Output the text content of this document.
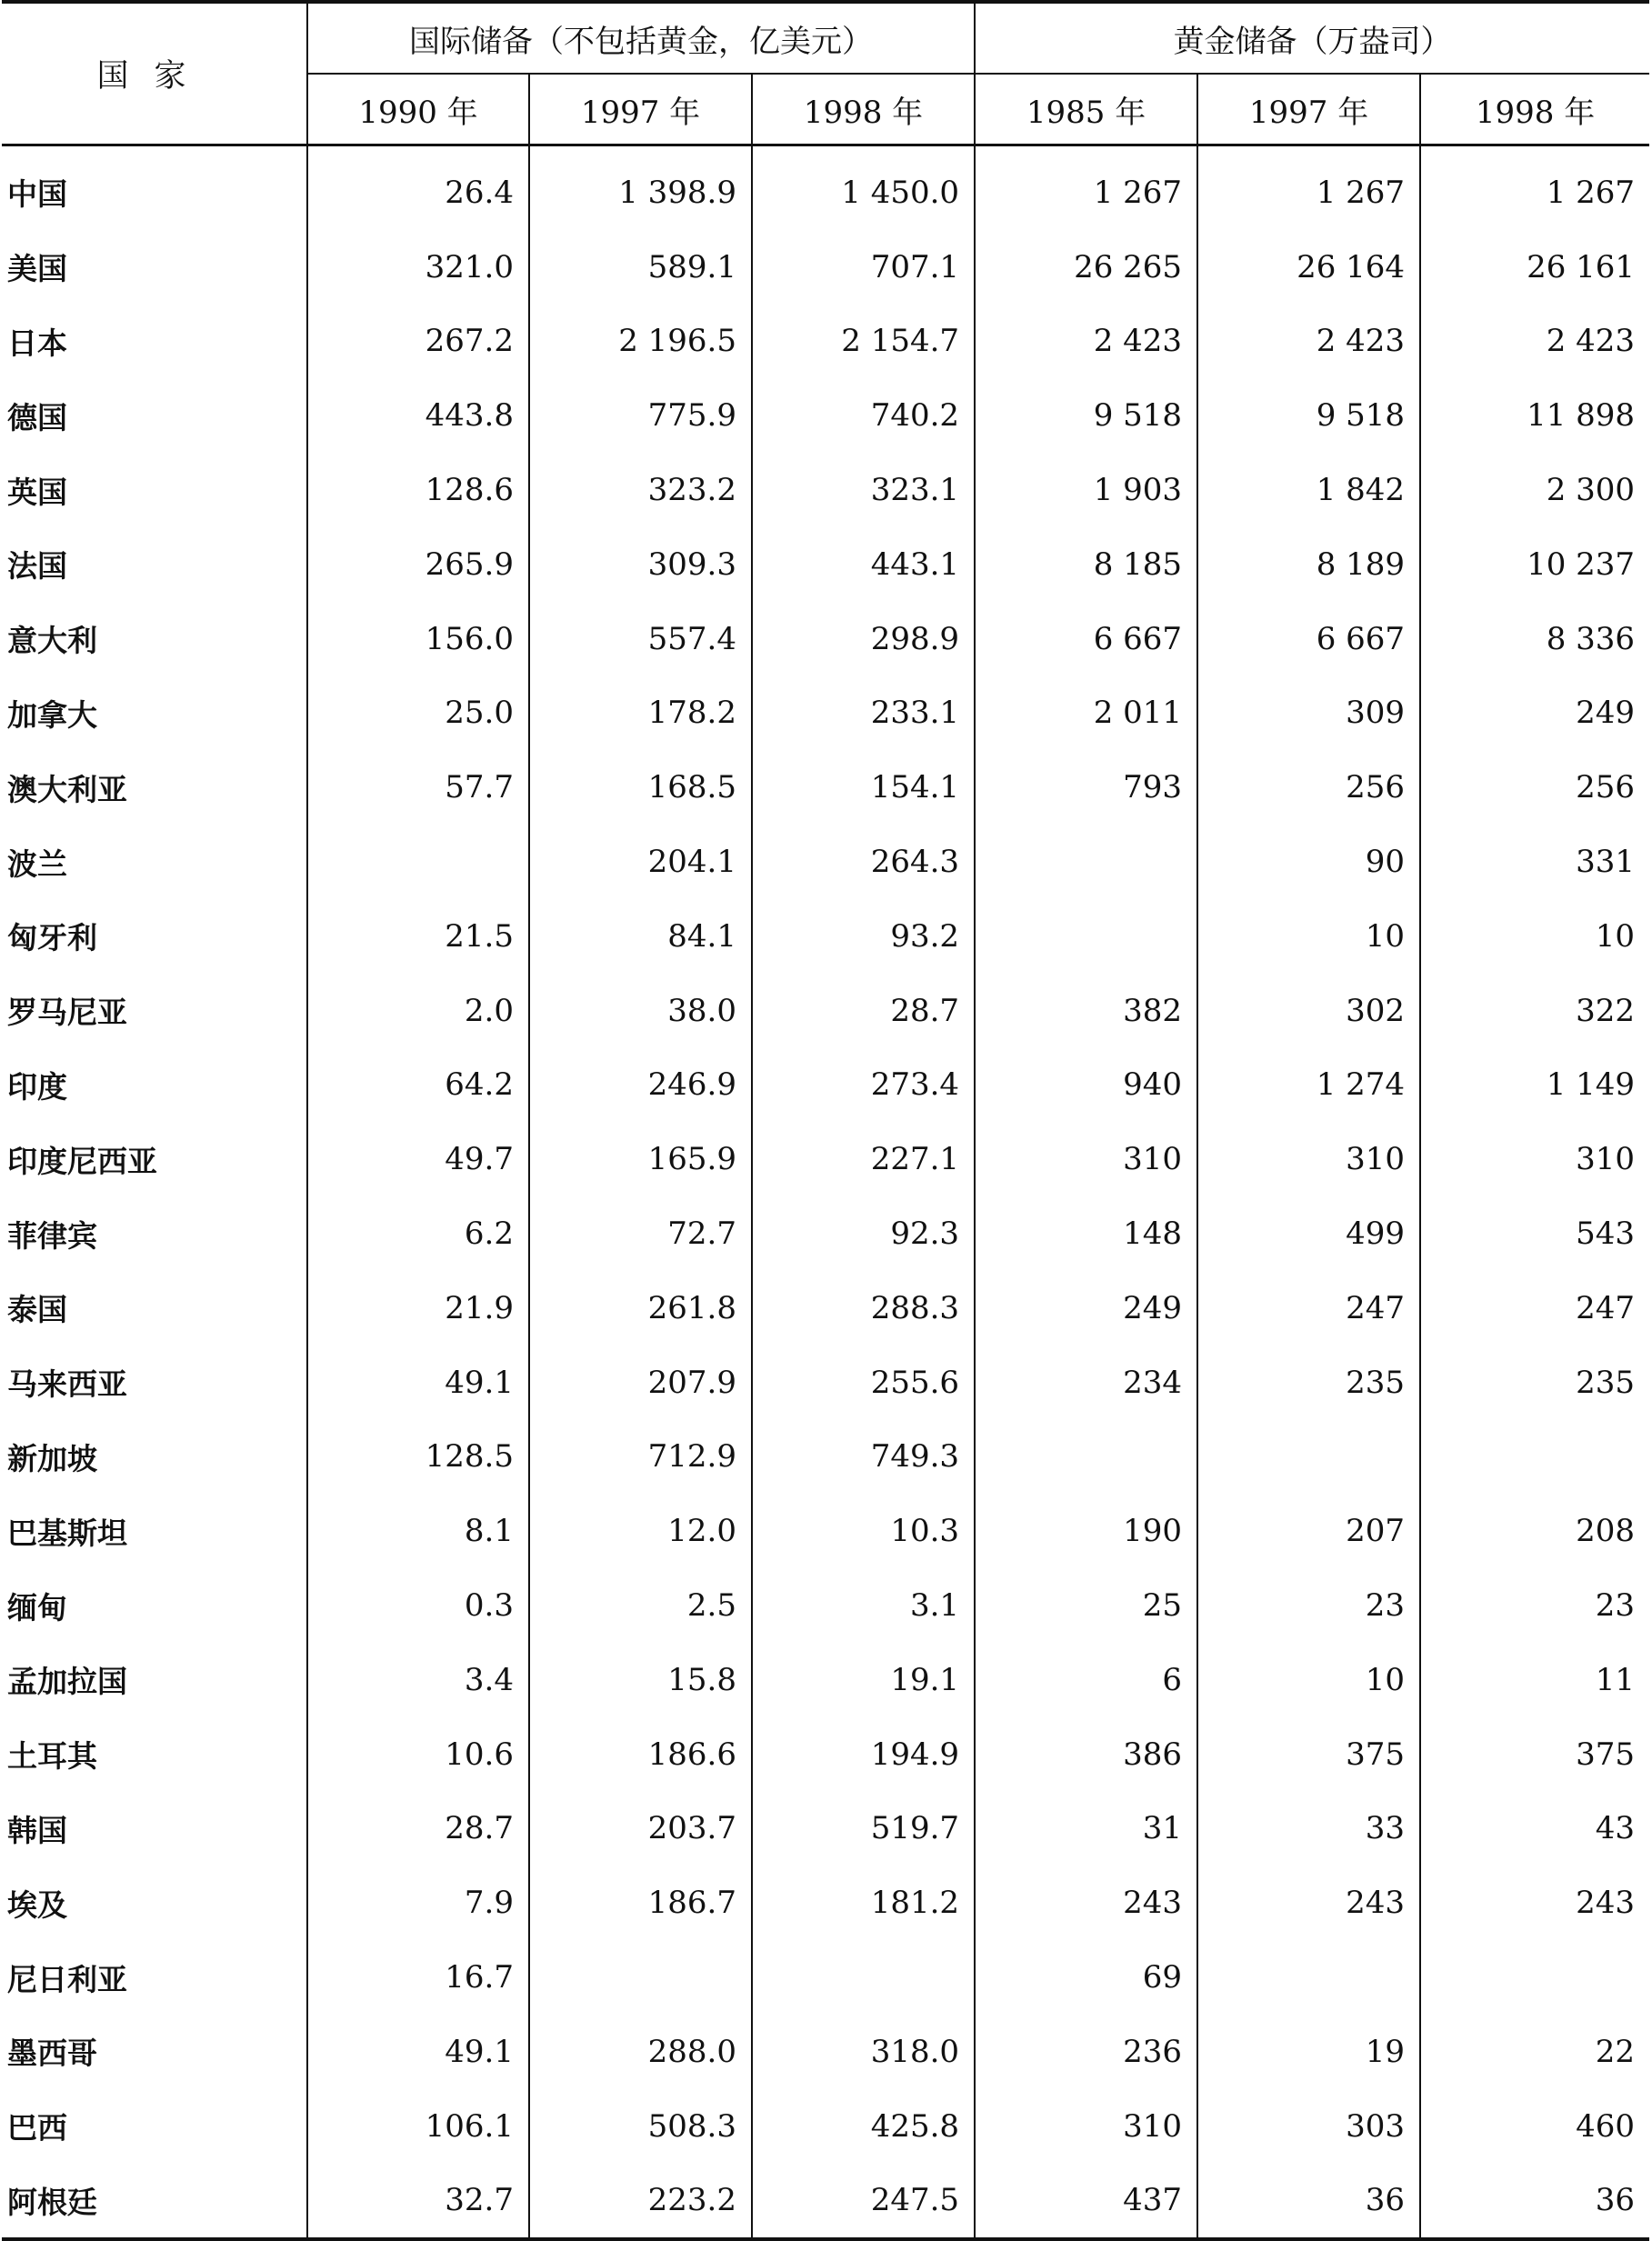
国家	国际储备（不包括黄金，亿美元）			黄金储备（万盎司）		
	1990 年	1997 年	1998 年	1985 年	1997 年	1998 年
中国	26.4	1 398.9	1 450.0	1 267	1 267	1 267
美国	321.0	589.1	707.1	26 265	26 164	26 161
日本	267.2	2 196.5	2 154.7	2 423	2 423	2 423
德国	443.8	775.9	740.2	9 518	9 518	11 898
英国	128.6	323.2	323.1	1 903	1 842	2 300
法国	265.9	309.3	443.1	8 185	8 189	10 237
意大利	156.0	557.4	298.9	6 667	6 667	8 336
加拿大	25.0	178.2	233.1	2 011	309	249
澳大利亚	57.7	168.5	154.1	793	256	256
波兰		204.1	264.3		90	331
匈牙利	21.5	84.1	93.2		10	10
罗马尼亚	2.0	38.0	28.7	382	302	322
印度	64.2	246.9	273.4	940	1 274	1 149
印度尼西亚	49.7	165.9	227.1	310	310	310
菲律宾	6.2	72.7	92.3	148	499	543
泰国	21.9	261.8	288.3	249	247	247
马来西亚	49.1	207.9	255.6	234	235	235
新加坡	128.5	712.9	749.3			
巴基斯坦	8.1	12.0	10.3	190	207	208
缅甸	0.3	2.5	3.1	25	23	23
孟加拉国	3.4	15.8	19.1	6	10	11
土耳其	10.6	186.6	194.9	386	375	375
韩国	28.7	203.7	519.7	31	33	43
埃及	7.9	186.7	181.2	243	243	243
尼日利亚	16.7			69		
墨西哥	49.1	288.0	318.0	236	19	22
巴西	106.1	508.3	425.8	310	303	460
阿根廷	32.7	223.2	247.5	437	36	36
